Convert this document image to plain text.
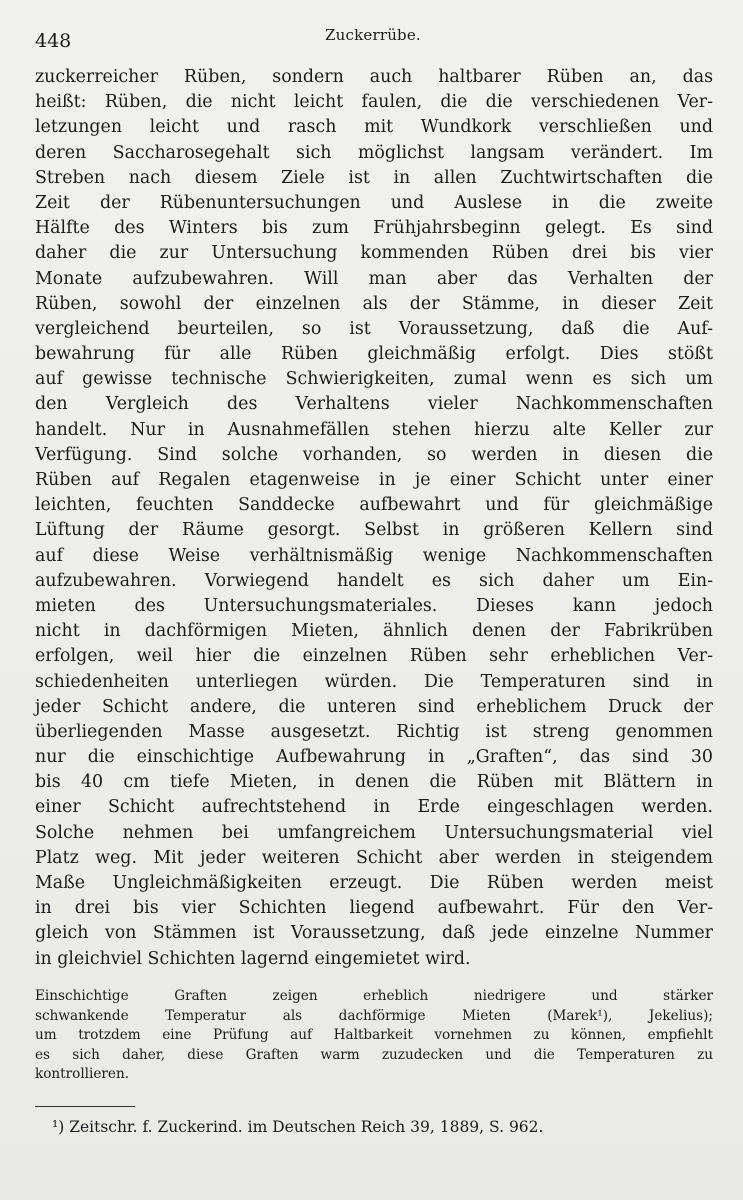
448	Zuckerrübe.
zuckerreicher Rüben, sondern auch haltbarer Rüben an, das
heißt: Rüben, die nicht leicht faulen, die die verschiedenen Ver-
letzungen leicht und rasch mit Wundkork verschließen und
deren Saccharosegehalt sich möglichst langsam verändert. Im
Streben nach diesem Ziele ist in allen Zuchtwirtschaften die
Zeit der Rübenuntersuchungen und Auslese in die zweite
Hälfte des Winters bis zum Frühjahrsbeginn gelegt. Es sind
daher die zur Untersuchung kommenden Rüben drei bis vier
Monate aufzubewahren. Will man aber das Verhalten der
Rüben, sowohl der einzelnen als der Stämme, in dieser Zeit
vergleichend beurteilen, so ist Voraussetzung, daß die Auf-
bewahrung für alle Rüben gleichmäßig erfolgt. Dies stößt
auf gewisse technische Schwierigkeiten, zumal wenn es sich um
den Vergleich des Verhaltens vieler Nachkommenschaften
handelt. Nur in Ausnahmefällen stehen hierzu alte Keller zur
Verfügung. Sind solche vorhanden, so werden in diesen die
Rüben auf Regalen etagenweise in je einer Schicht unter einer
leichten, feuchten Sanddecke aufbewahrt und für gleichmäßige
Lüftung der Räume gesorgt. Selbst in größeren Kellern sind
auf diese Weise verhältnismäßig wenige Nachkommenschaften
aufzubewahren. Vorwiegend handelt es sich daher um Ein-
mieten des Untersuchungsmateriales. Dieses kann jedoch
nicht in dachförmigen Mieten, ähnlich denen der Fabrikrüben
erfolgen, weil hier die einzelnen Rüben sehr erheblichen Ver-
schiedenheiten unterliegen würden. Die Temperaturen sind in
jeder Schicht andere, die unteren sind erheblichem Druck der
überliegenden Masse ausgesetzt. Richtig ist streng genommen
nur die einschichtige Aufbewahrung in „Graften“, das sind 30
bis 40 cm tiefe Mieten, in denen die Rüben mit Blättern in
einer Schicht aufrechtstehend in Erde eingeschlagen werden.
Solche nehmen bei umfangreichem Untersuchungsmaterial viel
Platz weg. Mit jeder weiteren Schicht aber werden in steigendem
Maße Ungleichmäßigkeiten erzeugt. Die Rüben werden meist
in drei bis vier Schichten liegend aufbewahrt. Für den Ver-
gleich von Stämmen ist Voraussetzung, daß jede einzelne Nummer
in gleichviel Schichten lagernd eingemietet wird.
Einschichtige Graften zeigen erheblich niedrigere und stärker
schwankende Temperatur als dachförmige Mieten (Marek¹), Jekelius);
um trotzdem eine Prüfung auf Haltbarkeit vornehmen zu können, empfiehlt
es sich daher, diese Graften warm zuzudecken und die Temperaturen zu
kontrollieren.
¹) Zeitschr. f. Zuckerind. im Deutschen Reich 39, 1889, S. 962.
